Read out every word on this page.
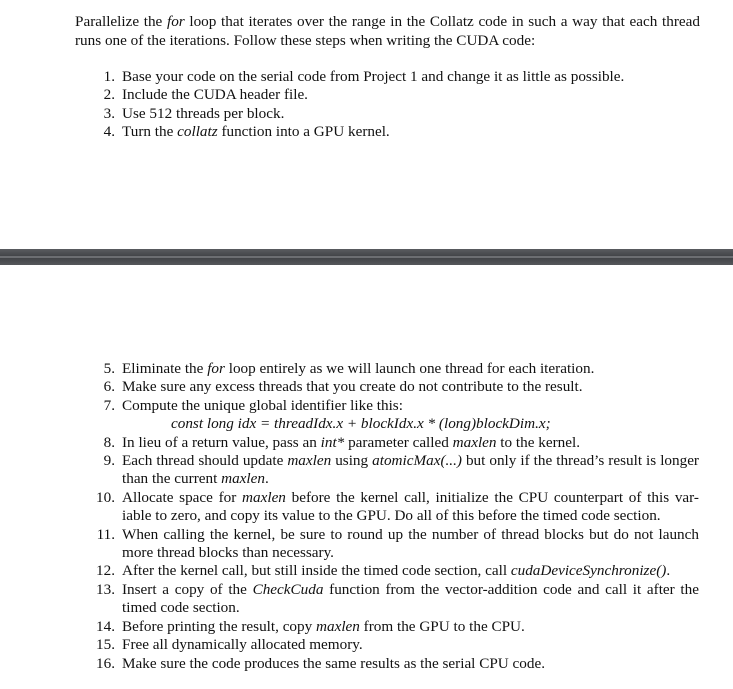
Parallelize the for loop that iterates over the range in the Collatz code in such a way that each thread runs one of the iterations. Follow these steps when writing the CUDA code:

1. Base your code on the serial code from Project 1 and change it as little as possible.
2. Include the CUDA header file.
3. Use 512 threads per block.
4. Turn the collatz function into a GPU kernel.
5. Eliminate the for loop entirely as we will launch one thread for each iteration.
6. Make sure any excess threads that you create do not contribute to the result.
7. Compute the unique global identifier like this:
const long idx = threadIdx.x + blockIdx.x * (long)blockDim.x;
8. In lieu of a return value, pass an int* parameter called maxlen to the kernel.
9. Each thread should update maxlen using atomicMax(...) but only if the thread’s result is longer than the current maxlen.
10. Allocate space for maxlen before the kernel call, initialize the CPU counterpart of this var-iable to zero, and copy its value to the GPU. Do all of this before the timed code section.
11. When calling the kernel, be sure to round up the number of thread blocks but do not launch more thread blocks than necessary.
12. After the kernel call, but still inside the timed code section, call cudaDeviceSynchronize().
13. Insert a copy of the CheckCuda function from the vector-addition code and call it after the timed code section.
14. Before printing the result, copy maxlen from the GPU to the CPU.
15. Free all dynamically allocated memory.
16. Make sure the code produces the same results as the serial CPU code.
